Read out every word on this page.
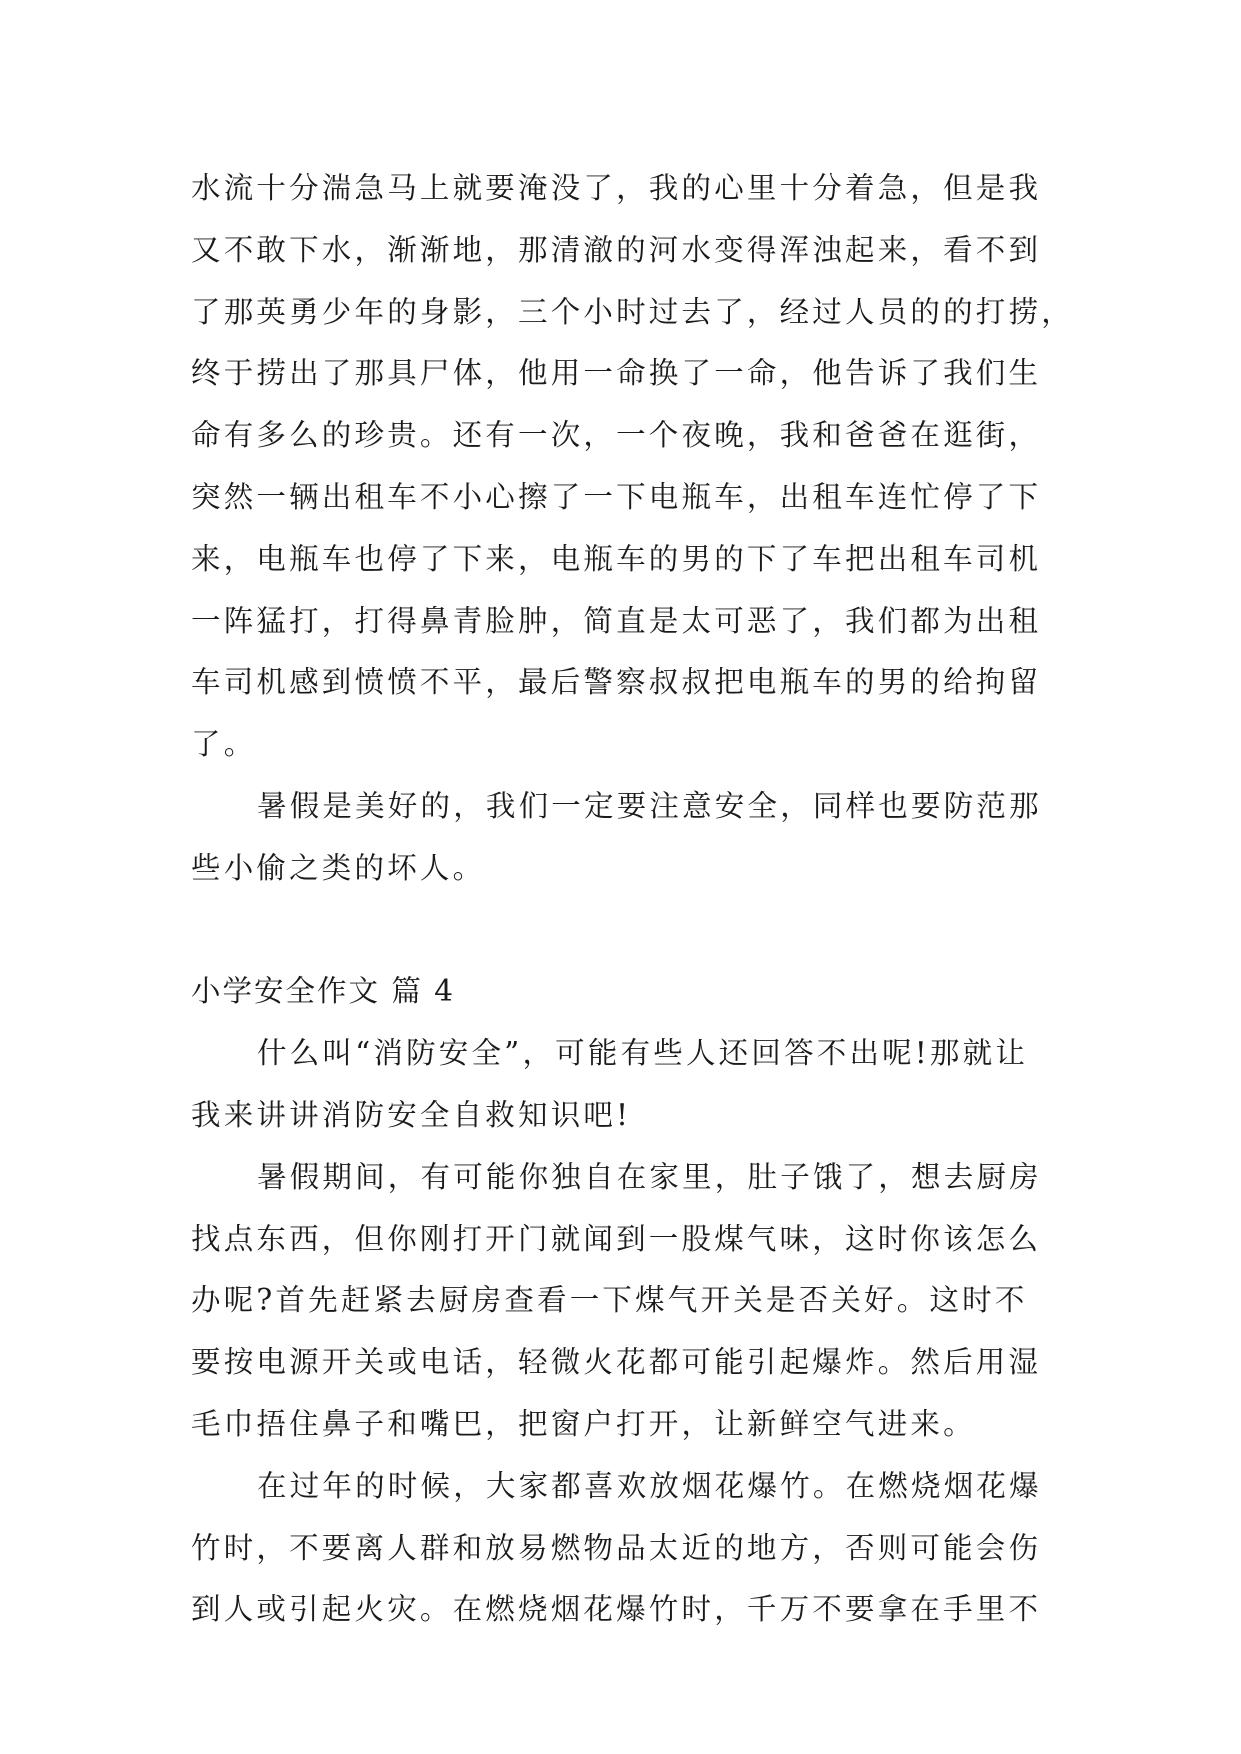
水流十分湍急马上就要淹没了，我的心里十分着急，但是我
又不敢下水，渐渐地，那清澈的河水变得浑浊起来，看不到
了那英勇少年的身影，三个小时过去了，经过人员的的打捞，
终于捞出了那具尸体，他用一命换了一命，他告诉了我们生
命有多么的珍贵。还有一次，一个夜晚，我和爸爸在逛街，
突然一辆出租车不小心擦了一下电瓶车，出租车连忙停了下
来，电瓶车也停了下来，电瓶车的男的下了车把出租车司机
一阵猛打，打得鼻青脸肿，简直是太可恶了，我们都为出租
车司机感到愤愤不平，最后警察叔叔把电瓶车的男的给拘留
了。
暑假是美好的，我们一定要注意安全，同样也要防范那
些小偷之类的坏人。
小学安全作文 篇 4
什么叫“消防安全”，可能有些人还回答不出呢!那就让
我来讲讲消防安全自救知识吧!
暑假期间，有可能你独自在家里，肚子饿了，想去厨房
找点东西，但你刚打开门就闻到一股煤气味，这时你该怎么
办呢?首先赶紧去厨房查看一下煤气开关是否关好。这时不
要按电源开关或电话，轻微火花都可能引起爆炸。然后用湿
毛巾捂住鼻子和嘴巴，把窗户打开，让新鲜空气进来。
在过年的时候，大家都喜欢放烟花爆竹。在燃烧烟花爆
竹时，不要离人群和放易燃物品太近的地方，否则可能会伤
到人或引起火灾。在燃烧烟花爆竹时，千万不要拿在手里不
